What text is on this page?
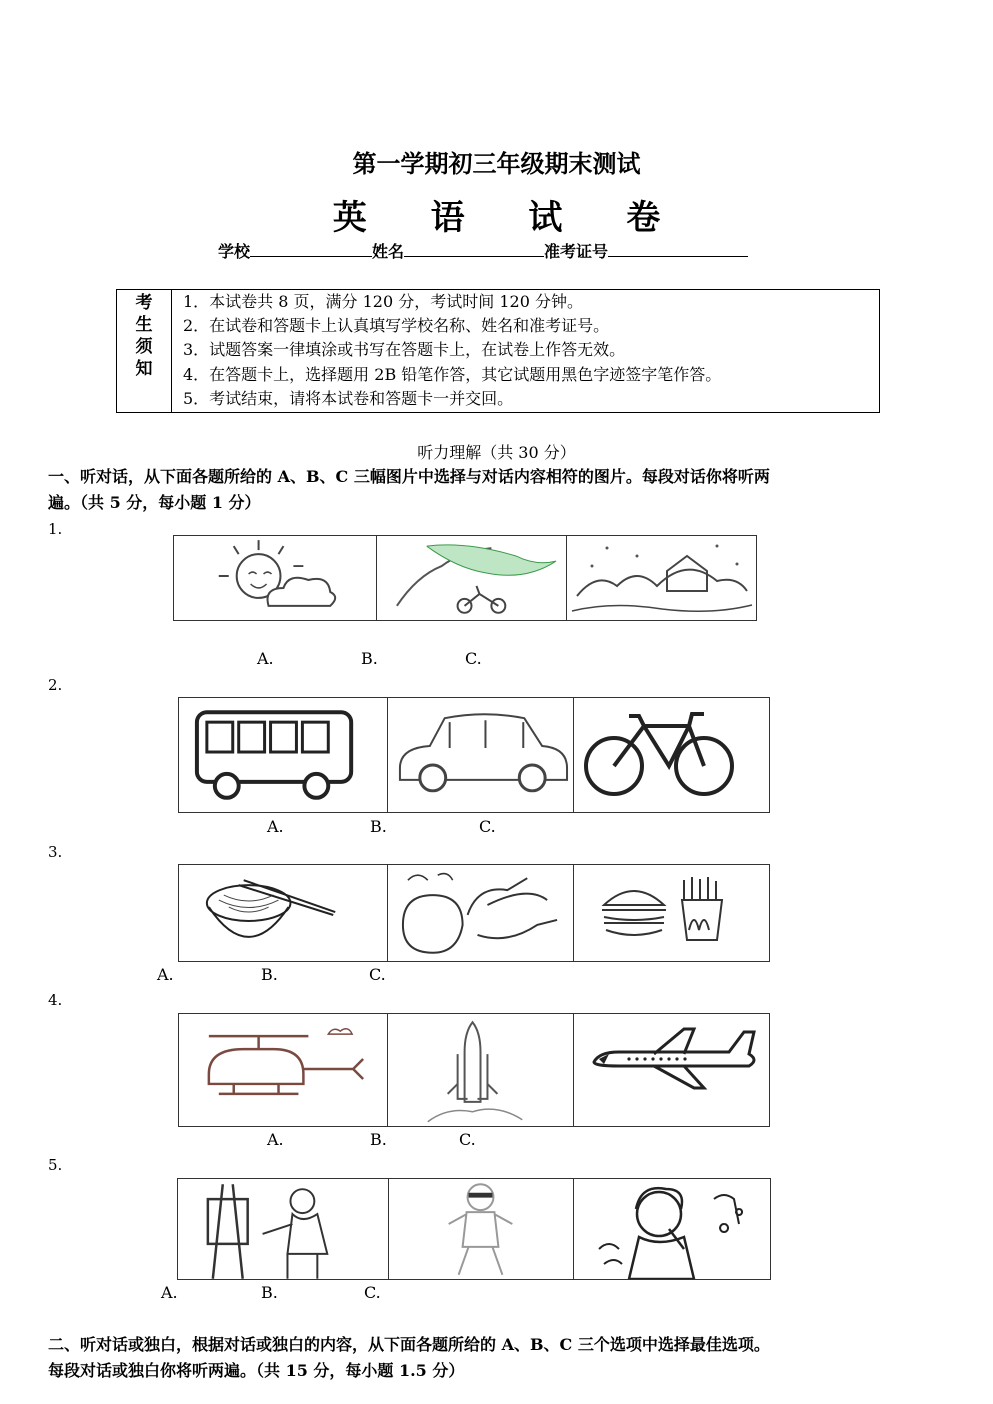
第一学期初三年级期末测试
英 语 试 卷
学校	姓名	准考证号
考
生
须
知
1．本试卷共 8 页，满分 120 分，考试时间 120 分钟。
2．在试卷和答题卡上认真填写学校名称、姓名和准考证号。
3．试题答案一律填涂或书写在答题卡上，在试卷上作答无效。
4．在答题卡上，选择题用 2B 铅笔作答，其它试题用黑色字迹签字笔作答。
5．考试结束，请将本试卷和答题卡一并交回。
听力理解（共 30 分）
一、听对话，从下面各题所给的 A、B、C 三幅图片中选择与对话内容相符的图片。每段对话你将听两
遍。（共 5 分，每小题 1 分）
1.
A.	B.	C.
2.
A.	B.	C.
3.
A.	B.	C.
4.
A.	B.	C.
5.
A.	B.	C.
二、听对话或独白，根据对话或独白的内容，从下面各题所给的 A、B、C 三个选项中选择最佳选项。
每段对话或独白你将听两遍。（共 15 分，每小题 1.5 分）
